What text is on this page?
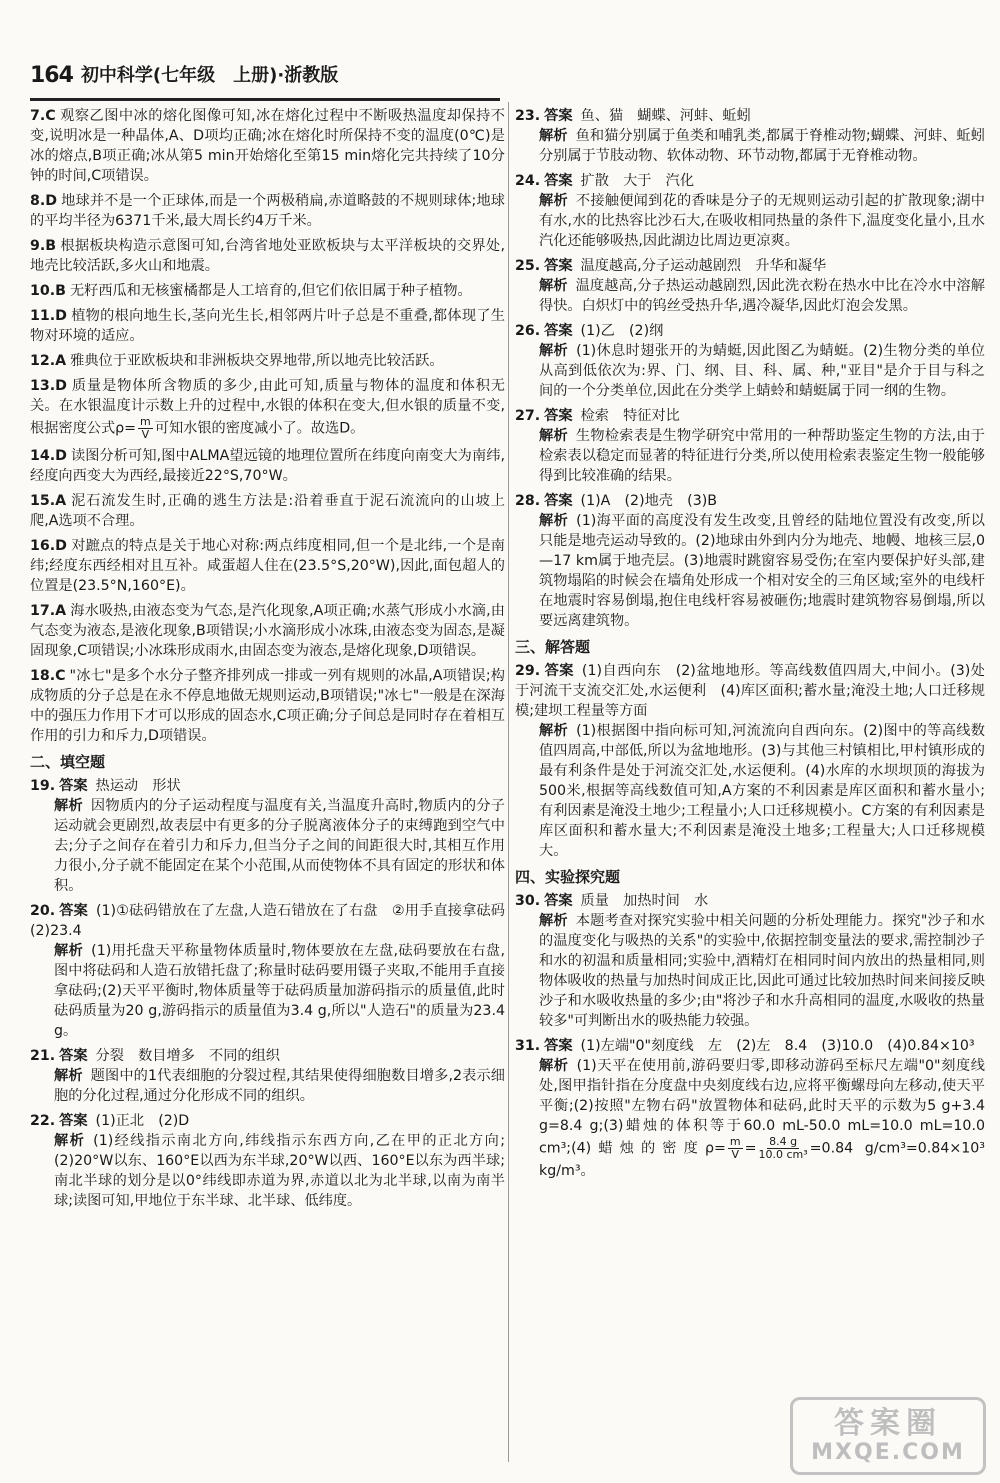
164 初中科学(七年级　上册)·浙教版
7.C 观察乙图中冰的熔化图像可知,冰在熔化过程中不断吸热温度却保持不变,说明冰是一种晶体,A、D项均正确;冰在熔化时所保持不变的温度(0℃)是冰的熔点,B项正确;冰从第5 min开始熔化至第15 min熔化完共持续了10分钟的时间,C项错误。
8.D 地球并不是一个正球体,而是一个两极稍扁,赤道略鼓的不规则球体;地球的平均半径为6371千米,最大周长约4万千米。
9.B 根据板块构造示意图可知,台湾省地处亚欧板块与太平洋板块的交界处,地壳比较活跃,多火山和地震。
10.B 无籽西瓜和无核蜜橘都是人工培育的,但它们依旧属于种子植物。
11.D 植物的根向地生长,茎向光生长,相邻两片叶子总是不重叠,都体现了生物对环境的适应。
12.A 雅典位于亚欧板块和非洲板块交界地带,所以地壳比较活跃。
13.D 质量是物体所含物质的多少,由此可知,质量与物体的温度和体积无关。在水银温度计示数上升的过程中,水银的体积在变大,但水银的质量不变,根据密度公式$\rho= \frac{m}{V}$ 可知水银的密度减小了。故选D。
14.D 读图分析可知,图中ALMA望远镜的地理位置所在纬度向南变大为南纬,经度向西变大为西经,最接近22°S,70°W。
15.A 泥石流发生时,正确的逃生方法是:沿着垂直于泥石流流向的山坡上爬,A选项不合理。
16.D 对蹠点的特点是关于地心对称:两点纬度相同,但一个是北纬,一个是南纬;经度东西经相对且互补。咸蛋超人住在(23.5°S,20°W),因此,面包超人的位置是(23.5°N,160°E)。
17.A 海水吸热,由液态变为气态,是汽化现象,A项正确;水蒸气形成小水滴,由气态变为液态,是液化现象,B项错误;小水滴形成小冰珠,由液态变为固态,是凝固现象,C项错误;小冰珠形成雨水,由固态变为液态,是熔化现象,D项错误。
18.C "冰七"是多个水分子整齐排列成一排或一列有规则的冰晶,A项错误;构成物质的分子总是在永不停息地做无规则运动,B项错误;"冰七"一般是在深海中的强压力作用下才可以形成的固态水,C项正确;分子间总是同时存在着相互作用的引力和斥力,D项错误。
二、填空题

19. 答案 热运动　形状

解析 因物质内的分子运动程度与温度有关,当温度升高时,物质内的分子运动就会更剧烈,故表层中有更多的分子脱离液体分子的束缚跑到空气中去;分子之间存在着引力和斥力,但当分子之间的间距很大时,其相互作用力很小,分子就不能固定在某个小范围,从而使物体不具有固定的形状和体积。

20. 答案 (1)①砝码错放在了左盘,人造石错放在了右盘　②用手直接拿砝码　(2)23.4

解析 (1)用托盘天平称量物体质量时,物体要放在左盘,砝码要放在右盘,图中将砝码和人造石放错托盘了;称量时砝码要用镊子夹取,不能用手直接拿砝码;(2)天平平衡时,物体质量等于砝码质量加游码指示的质量值,此时砝码质量为20 g,游码指示的质量值为3.4 g,所以"人造石"的质量为23.4 g。

21. 答案 分裂　数目增多　不同的组织

解析 题图中的1代表细胞的分裂过程,其结果使得细胞数目增多,2表示细胞的分化过程,通过分化形成不同的组织。

22. 答案 (1)正北　(2)D

解析 (1)经线指示南北方向,纬线指示东西方向,乙在甲的正北方向;(2)20°W以东、160°E以西为东半球,20°W以西、160°E以东为西半球;南北半球的划分是以0°纬线即赤道为界,赤道以北为北半球,以南为南半球;读图可知,甲地位于东半球、北半球、低纬度。

23. 答案 鱼、猫　蝴蝶、河蚌、蚯蚓

解析 鱼和猫分别属于鱼类和哺乳类,都属于脊椎动物;蝴蝶、河蚌、蚯蚓分别属于节肢动物、软体动物、环节动物,都属于无脊椎动物。

24. 答案 扩散　大于　汽化

解析 不接触便闻到花的香味是分子的无规则运动引起的扩散现象;湖中有水,水的比热容比沙石大,在吸收相同热量的条件下,温度变化量小,且水汽化还能够吸热,因此湖边比周边更凉爽。

25. 答案 温度越高,分子运动越剧烈　升华和凝华

解析 温度越高,分子热运动越剧烈,因此洗衣粉在热水中比在冷水中溶解得快。白炽灯中的钨丝受热升华,遇冷凝华,因此灯泡会发黑。

26. 答案 (1)乙　(2)纲

解析 (1)休息时翅张开的为蜻蜓,因此图乙为蜻蜓。(2)生物分类的单位从高到低依次为:界、门、纲、目、科、属、种,"亚目"是介于目与科之间的一个分类单位,因此在分类学上蜻蛉和蜻蜓属于同一纲的生物。

27. 答案 检索　特征对比

解析 生物检索表是生物学研究中常用的一种帮助鉴定生物的方法,由于检索表以稳定而显著的特征进行分类,所以使用检索表鉴定生物一般能够得到比较准确的结果。

28. 答案 (1)A　(2)地壳　(3)B

解析 (1)海平面的高度没有发生改变,且曾经的陆地位置没有改变,所以只能是地壳运动导致的。(2)地球由外到内分为地壳、地幔、地核三层,0—17 km属于地壳层。(3)地震时跳窗容易受伤;在室内要保护好头部,建筑物塌陷的时候会在墙角处形成一个相对安全的三角区域;室外的电线杆在地震时容易倒塌,抱住电线杆容易被砸伤;地震时建筑物容易倒塌,所以要远离建筑物。

三、解答题

29. 答案 (1)自西向东　(2)盆地地形。等高线数值四周大,中间小。(3)处于河流干支流交汇处,水运便利　(4)库区面积;蓄水量;淹没土地;人口迁移规模;建坝工程量等方面

解析 (1)根据图中指向标可知,河流流向自西向东。(2)图中的等高线数值四周高,中部低,所以为盆地地形。(3)与其他三村镇相比,甲村镇形成的最有利条件是处于河流交汇处,水运便利。(4)水库的水坝坝顶的海拔为500米,根据等高线数值可知,A方案的不利因素是库区面积和蓄水量小;有利因素是淹没土地少;工程量小;人口迁移规模小。C方案的有利因素是库区面积和蓄水量大;不利因素是淹没土地多;工程量大;人口迁移规模大。

四、实验探究题

30. 答案 质量　加热时间　水

解析 本题考查对探究实验中相关问题的分析处理能力。探究"沙子和水的温度变化与吸热的关系"的实验中,依据控制变量法的要求,需控制沙子和水的初温和质量相同;实验中,酒精灯在相同时间内放出的热量相同,则物体吸收的热量与加热时间成正比,因此可通过比较加热时间来间接反映沙子和水吸收热量的多少;由"将沙子和水升高相同的温度,水吸收的热量较多"可判断出水的吸热能力较强。

31. 答案 (1)左端"0"刻度线　左　(2)左　8.4　(3)10.0　(4)0.84×10³

解析 (1)天平在使用前,游码要归零,即移动游码至标尺左端"0"刻度线处,图甲指针指在分度盘中央刻度线右边,应将平衡螺母向左移动,使天平平衡;(2)按照"左物右码"放置物体和砝码,此时天平的示数为5 g+3.4 g=8.4 g;(3)蜡烛的体积等于60.0 mL-50.0 mL=10.0 mL=10.0 cm³;(4)蜡烛的密度$\rho= \frac{m}{V} = \frac{8.4 g}{\text{10.0 cm³}} =0.84$ g/cm³=0.84×10³ kg/m³。

答案圈
MXQE.COM
